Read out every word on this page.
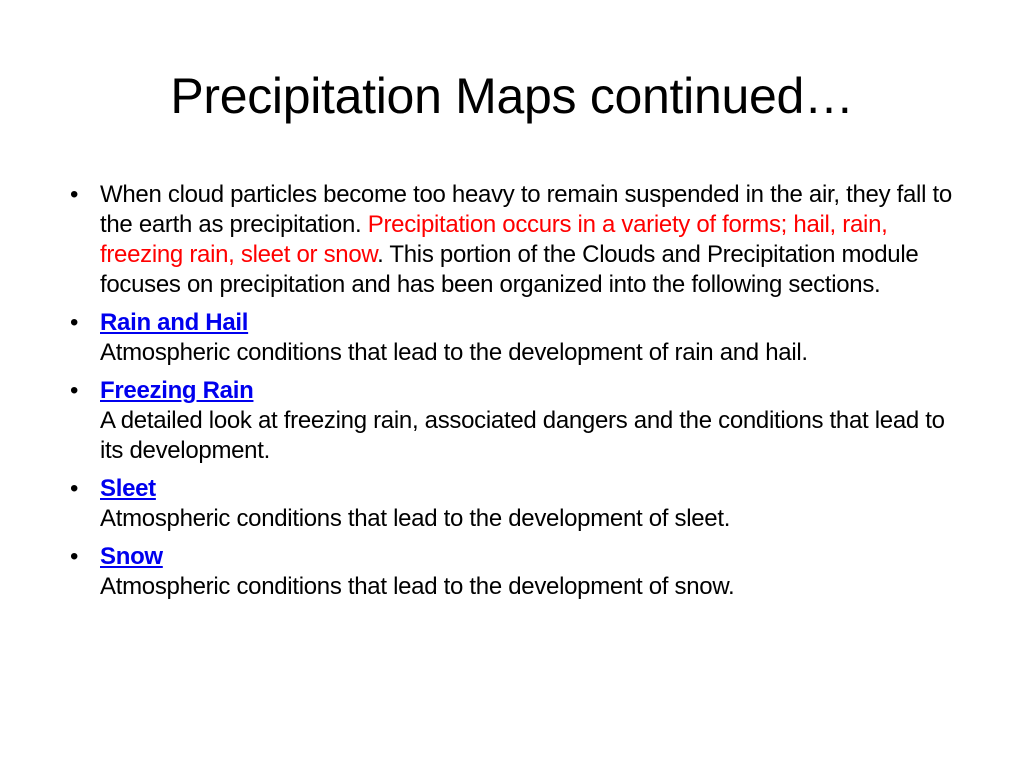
Precipitation Maps continued…
• When cloud particles become too heavy to remain suspended in the air, they fall to the earth as precipitation. Precipitation occurs in a variety of forms; hail, rain, freezing rain, sleet or snow. This portion of the Clouds and Precipitation module focuses on precipitation and has been organized into the following sections.
• Rain and Hail
Atmospheric conditions that lead to the development of rain and hail.
• Freezing Rain
A detailed look at freezing rain, associated dangers and the conditions that lead to its development.
• Sleet
Atmospheric conditions that lead to the development of sleet.
• Snow
Atmospheric conditions that lead to the development of snow.
